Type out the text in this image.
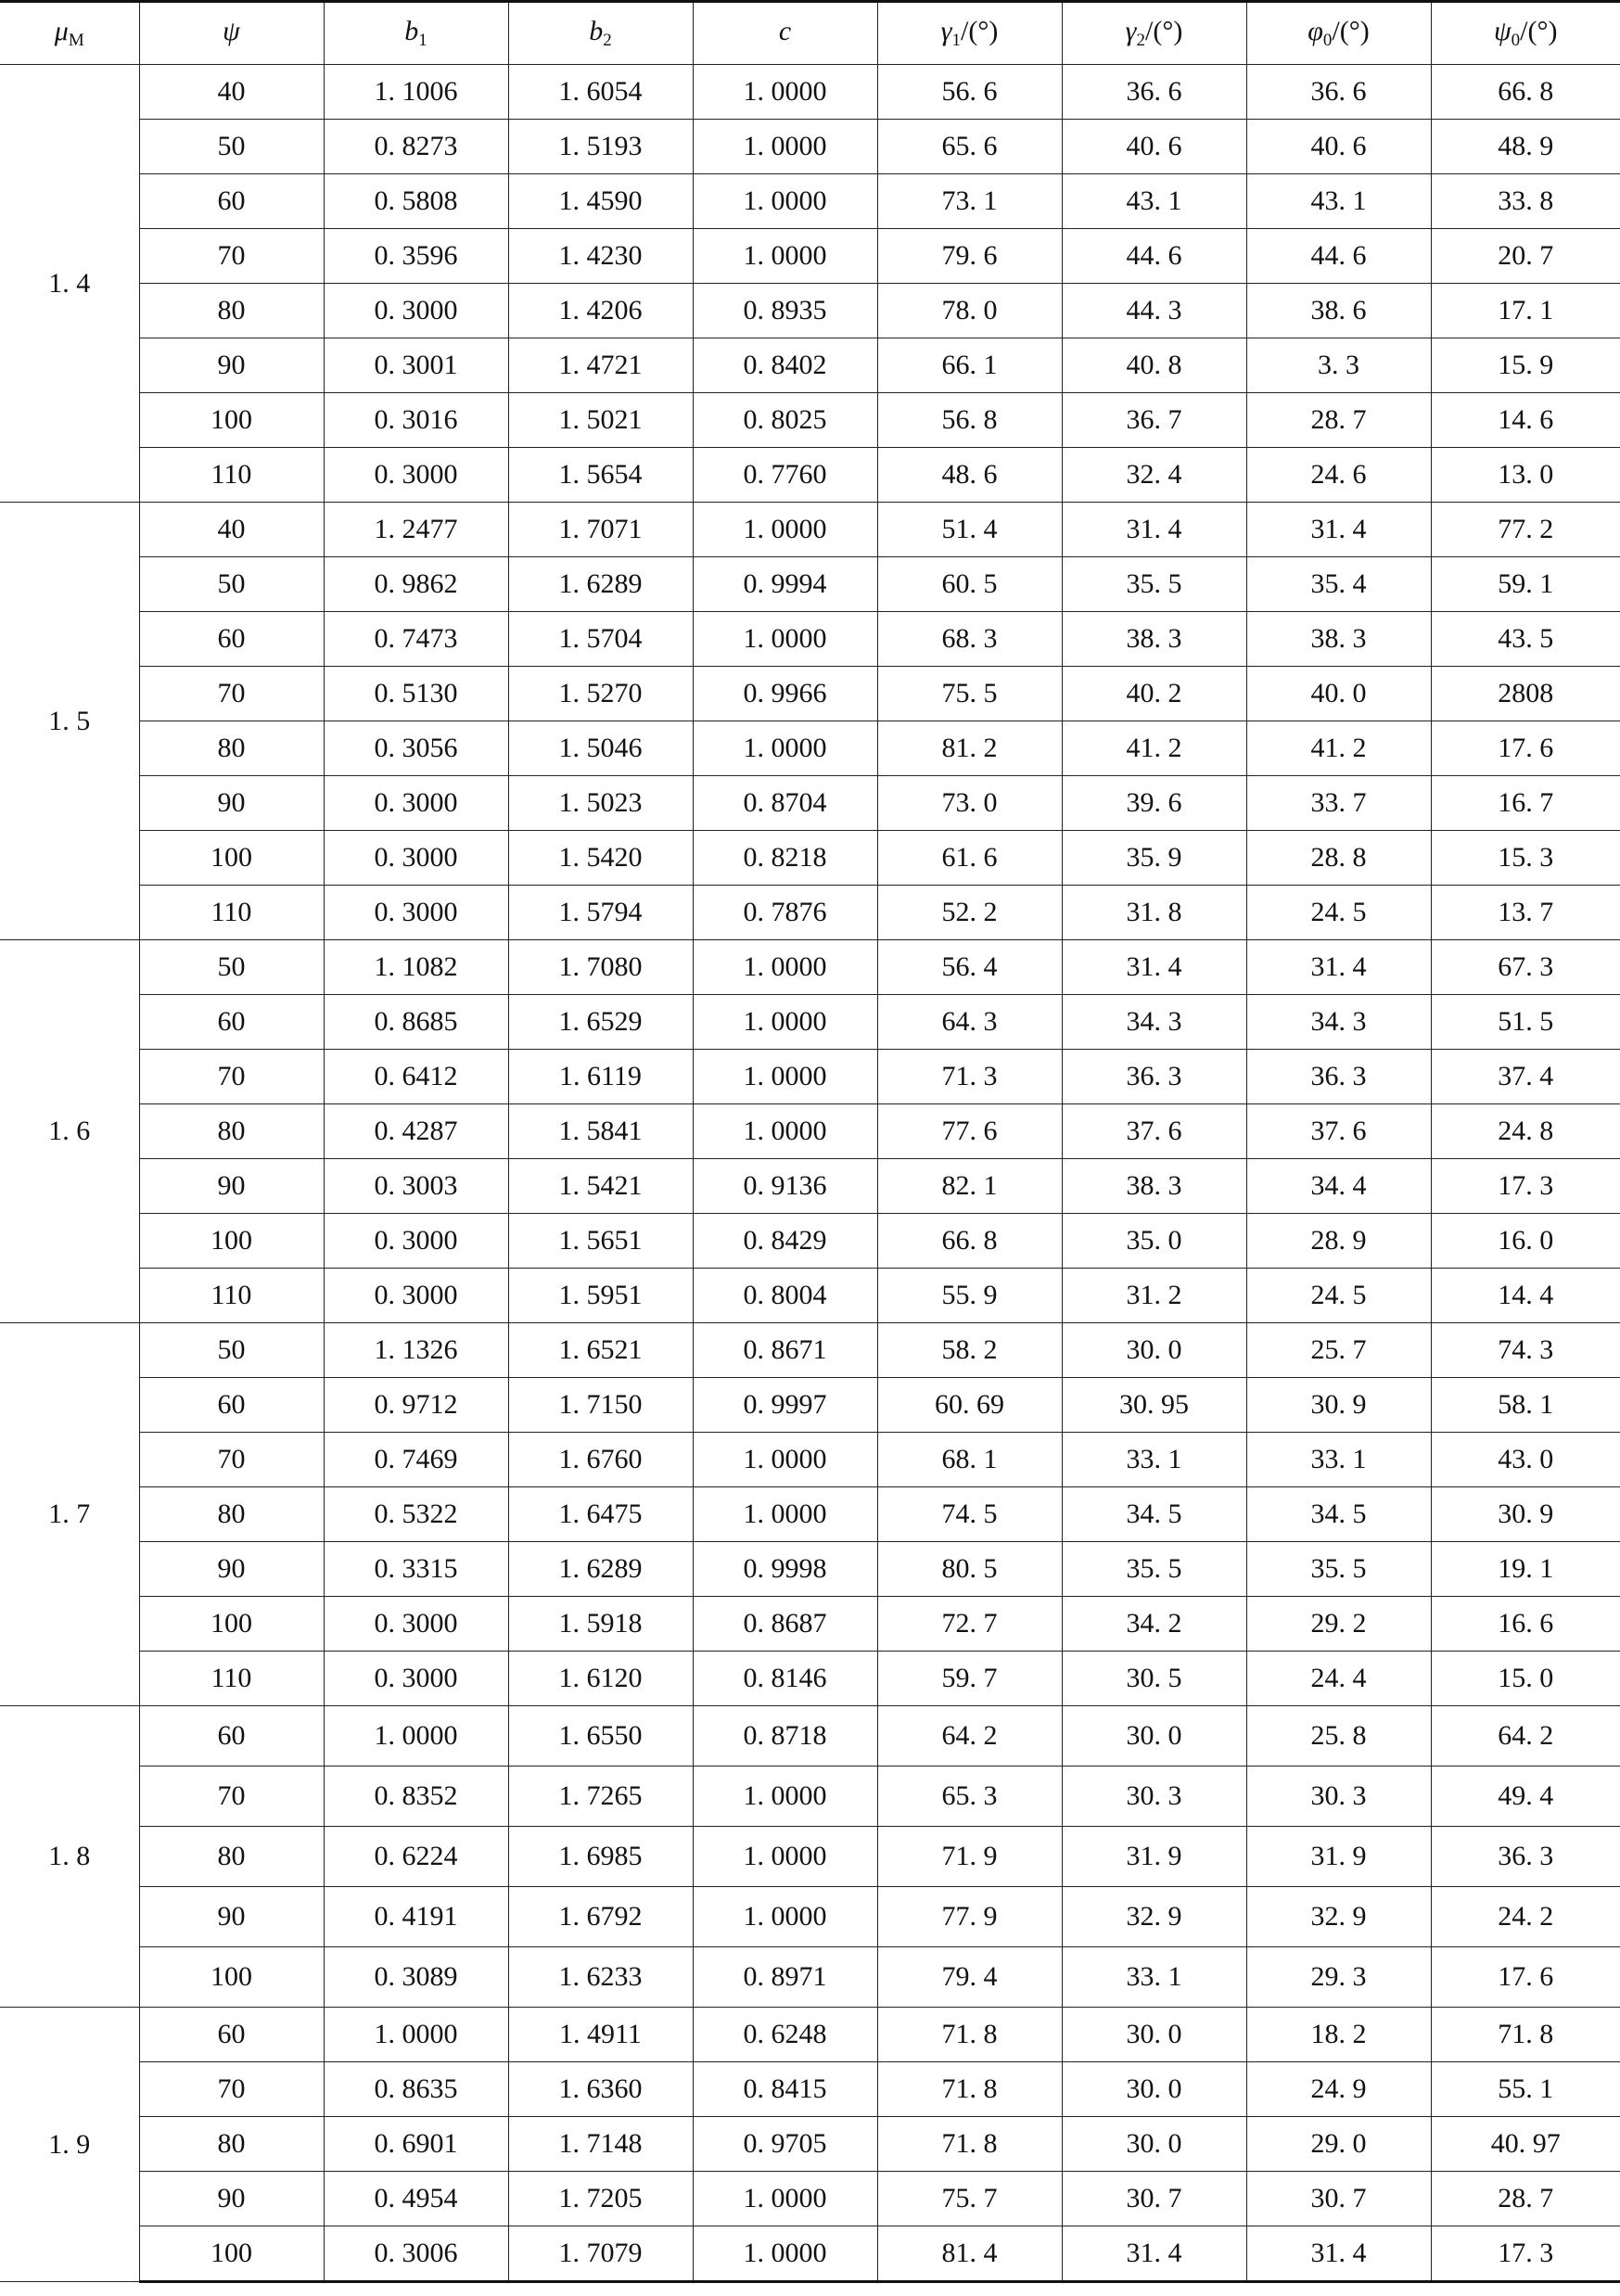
$\mu_M$	ψ	$b_1$	$b_2$	c	$\gamma_1/(^\circ)$	$\gamma_2/(^\circ)$	$\varphi_0/(^\circ)$	$\psi_0/(^\circ)$
1. 4	40	1. 1006	1. 6054	1. 0000	56. 6	36. 6	36. 6	66. 8
	50	0. 8273	1. 5193	1. 0000	65. 6	40. 6	40. 6	48. 9
	60	0. 5808	1. 4590	1. 0000	73. 1	43. 1	43. 1	33. 8
	70	0. 3596	1. 4230	1. 0000	79. 6	44. 6	44. 6	20. 7
	80	0. 3000	1. 4206	0. 8935	78. 0	44. 3	38. 6	17. 1
	90	0. 3001	1. 4721	0. 8402	66. 1	40. 8	3. 3	15. 9
	100	0. 3016	1. 5021	0. 8025	56. 8	36. 7	28. 7	14. 6
	110	0. 3000	1. 5654	0. 7760	48. 6	32. 4	24. 6	13. 0
1. 5	40	1. 2477	1. 7071	1. 0000	51. 4	31. 4	31. 4	77. 2
	50	0. 9862	1. 6289	0. 9994	60. 5	35. 5	35. 4	59. 1
	60	0. 7473	1. 5704	1. 0000	68. 3	38. 3	38. 3	43. 5
	70	0. 5130	1. 5270	0. 9966	75. 5	40. 2	40. 0	2808
	80	0. 3056	1. 5046	1. 0000	81. 2	41. 2	41. 2	17. 6
	90	0. 3000	1. 5023	0. 8704	73. 0	39. 6	33. 7	16. 7
	100	0. 3000	1. 5420	0. 8218	61. 6	35. 9	28. 8	15. 3
	110	0. 3000	1. 5794	0. 7876	52. 2	31. 8	24. 5	13. 7
1. 6	50	1. 1082	1. 7080	1. 0000	56. 4	31. 4	31. 4	67. 3
	60	0. 8685	1. 6529	1. 0000	64. 3	34. 3	34. 3	51. 5
	70	0. 6412	1. 6119	1. 0000	71. 3	36. 3	36. 3	37. 4
	80	0. 4287	1. 5841	1. 0000	77. 6	37. 6	37. 6	24. 8
	90	0. 3003	1. 5421	0. 9136	82. 1	38. 3	34. 4	17. 3
	100	0. 3000	1. 5651	0. 8429	66. 8	35. 0	28. 9	16. 0
	110	0. 3000	1. 5951	0. 8004	55. 9	31. 2	24. 5	14. 4
1. 7	50	1. 1326	1. 6521	0. 8671	58. 2	30. 0	25. 7	74. 3
	60	0. 9712	1. 7150	0. 9997	60. 69	30. 95	30. 9	58. 1
	70	0. 7469	1. 6760	1. 0000	68. 1	33. 1	33. 1	43. 0
	80	0. 5322	1. 6475	1. 0000	74. 5	34. 5	34. 5	30. 9
	90	0. 3315	1. 6289	0. 9998	80. 5	35. 5	35. 5	19. 1
	100	0. 3000	1. 5918	0. 8687	72. 7	34. 2	29. 2	16. 6
	110	0. 3000	1. 6120	0. 8146	59. 7	30. 5	24. 4	15. 0
1. 8	60	1. 0000	1. 6550	0. 8718	64. 2	30. 0	25. 8	64. 2
	70	0. 8352	1. 7265	1. 0000	65. 3	30. 3	30. 3	49. 4
	80	0. 6224	1. 6985	1. 0000	71. 9	31. 9	31. 9	36. 3
	90	0. 4191	1. 6792	1. 0000	77. 9	32. 9	32. 9	24. 2
	100	0. 3089	1. 6233	0. 8971	79. 4	33. 1	29. 3	17. 6
1. 9	60	1. 0000	1. 4911	0. 6248	71. 8	30. 0	18. 2	71. 8
	70	0. 8635	1. 6360	0. 8415	71. 8	30. 0	24. 9	55. 1
	80	0. 6901	1. 7148	0. 9705	71. 8	30. 0	29. 0	40. 97
	90	0. 4954	1. 7205	1. 0000	75. 7	30. 7	30. 7	28. 7
	100	0. 3006	1. 7079	1. 0000	81. 4	31. 4	31. 4	17. 3
